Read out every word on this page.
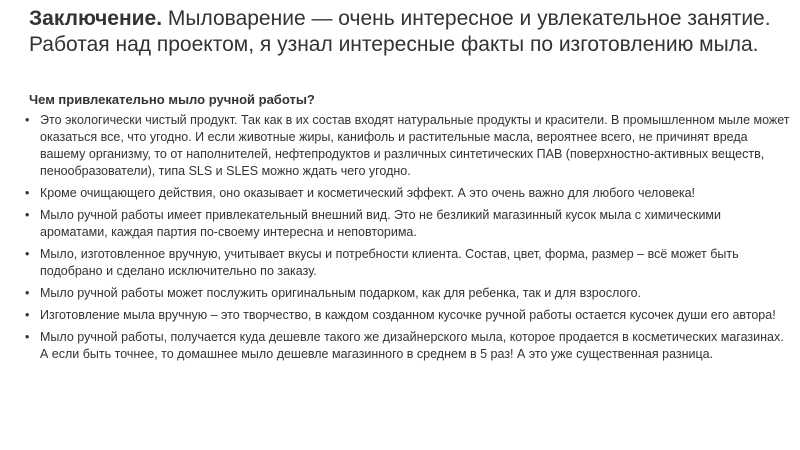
Заключение. Мыловарение — очень интересное и увлекательное занятие. Работая над проектом, я узнал интересные факты по изготовлению мыла.
Чем привлекательно мыло ручной работы?
• Это экологически чистый продукт. Так как в их состав входят натуральные продукты и красители. В промышленном мыле может оказаться все, что угодно. И если животные жиры, канифоль и растительные масла, вероятнее всего, не причинят вреда вашему организму, то от наполнителей, нефтепродуктов и различных синтетических ПАВ (поверхностно-активных веществ, пенообразователи), типа SLS и SLES можно ждать чего угодно.
• Кроме очищающего действия, оно оказывает и косметический эффект. А это очень важно для любого человека!
• Мыло ручной работы имеет привлекательный внешний вид. Это не безликий магазинный кусок мыла с химическими ароматами, каждая партия по-своему интересна и неповторима.
• Мыло, изготовленное вручную, учитывает вкусы и потребности клиента. Состав, цвет, форма, размер – всё может быть подобрано и сделано исключительно по заказу.
• Мыло ручной работы может послужить оригинальным подарком, как для ребенка, так и для взрослого.
• Изготовление мыла вручную – это творчество, в каждом созданном кусочке ручной работы остается кусочек души его автора!
• Мыло ручной работы, получается куда дешевле такого же дизайнерского мыла, которое продается в косметических магазинах. А если быть точнее, то домашнее мыло дешевле магазинного в среднем в 5 раз! А это уже существенная разница.
